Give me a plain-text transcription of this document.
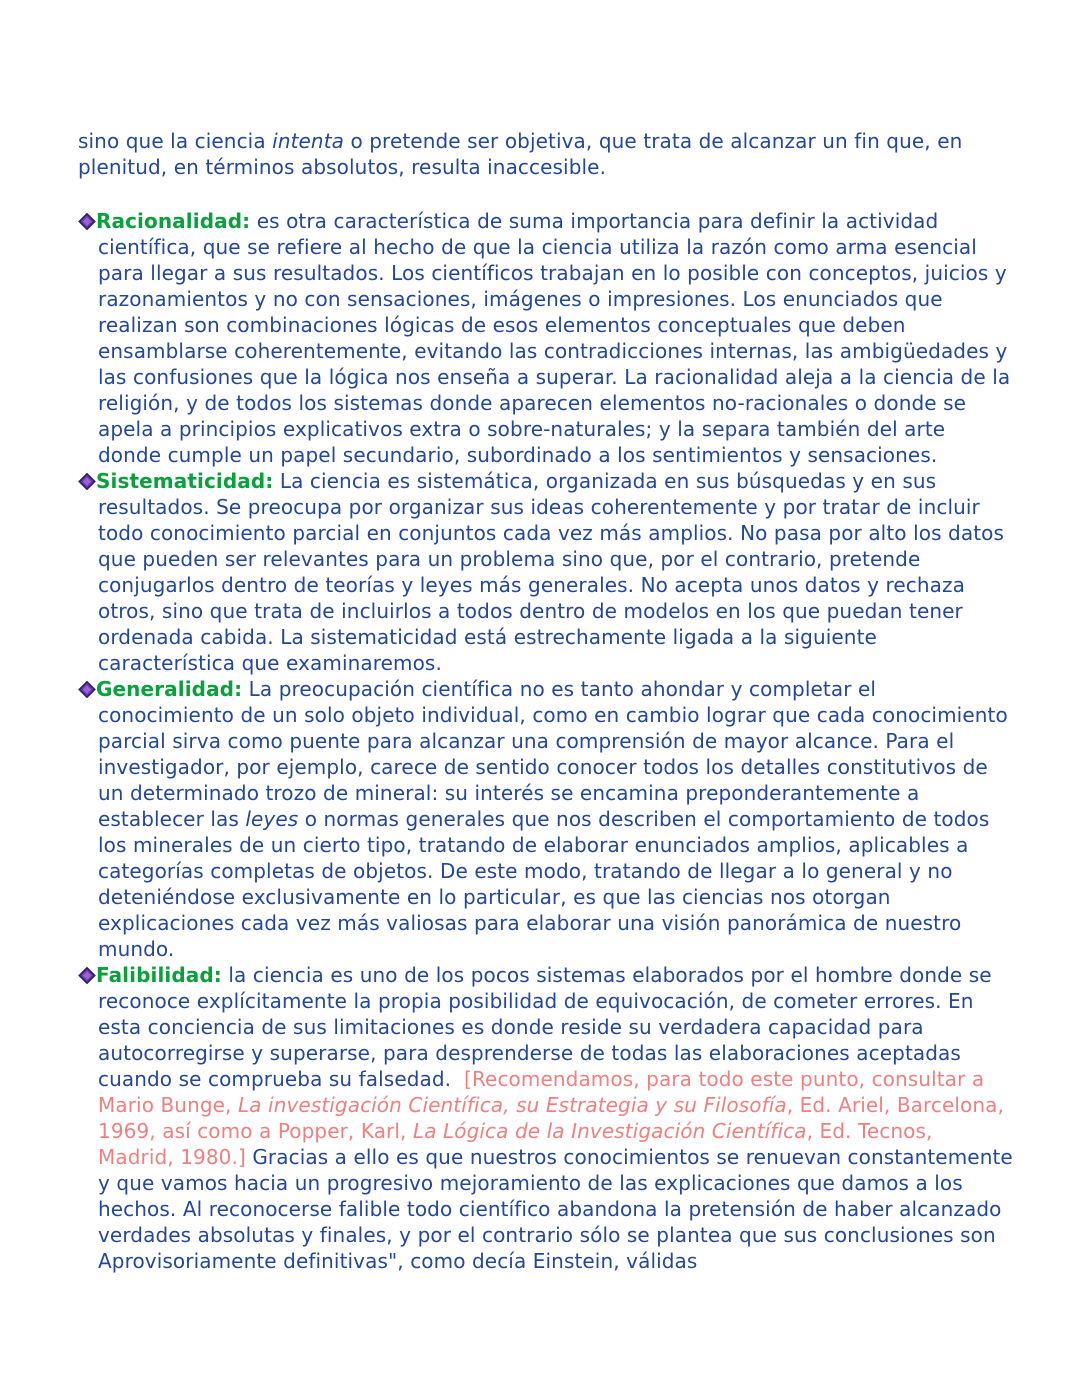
sino que la ciencia intenta o pretende ser objetiva, que trata de alcanzar un fin que, en plenitud, en términos absolutos, resulta inaccesible.

Racionalidad: es otra característica de suma importancia para definir la actividad científica, que se refiere al hecho de que la ciencia utiliza la razón como arma esencial para llegar a sus resultados. Los científicos trabajan en lo posible con conceptos, juicios y razonamientos y no con sensaciones, imágenes o impresiones. Los enunciados que realizan son combinaciones lógicas de esos elementos conceptuales que deben ensamblarse coherentemente, evitando las contradicciones internas, las ambigüedades y las confusiones que la lógica nos enseña a superar. La racionalidad aleja a la ciencia de la religión, y de todos los sistemas donde aparecen elementos no-racionales o donde se apela a principios explicativos extra o sobre-naturales; y la separa también del arte donde cumple un papel secundario, subordinado a los sentimientos y sensaciones.
Sistematicidad: La ciencia es sistemática, organizada en sus búsquedas y en sus resultados. Se preocupa por organizar sus ideas coherentemente y por tratar de incluir todo conocimiento parcial en conjuntos cada vez más amplios. No pasa por alto los datos que pueden ser relevantes para un problema sino que, por el contrario, pretende conjugarlos dentro de teorías y leyes más generales. No acepta unos datos y rechaza otros, sino que trata de incluirlos a todos dentro de modelos en los que puedan tener ordenada cabida. La sistematicidad está estrechamente ligada a la siguiente característica que examinaremos.
Generalidad: La preocupación científica no es tanto ahondar y completar el conocimiento de un solo objeto individual, como en cambio lograr que cada conocimiento parcial sirva como puente para alcanzar una comprensión de mayor alcance. Para el investigador, por ejemplo, carece de sentido conocer todos los detalles constitutivos de un determinado trozo de mineral: su interés se encamina preponderantemente a establecer las leyes o normas generales que nos describen el comportamiento de todos los minerales de un cierto tipo, tratando de elaborar enunciados amplios, aplicables a categorías completas de objetos. De este modo, tratando de llegar a lo general y no deteniéndose exclusivamente en lo particular, es que las ciencias nos otorgan explicaciones cada vez más valiosas para elaborar una visión panorámica de nuestro mundo.
Falibilidad: la ciencia es uno de los pocos sistemas elaborados por el hombre donde se reconoce explícitamente la propia posibilidad de equivocación, de cometer errores. En esta conciencia de sus limitaciones es donde reside su verdadera capacidad para autocorregirse y superarse, para desprenderse de todas las elaboraciones aceptadas cuando se comprueba su falsedad.  [Recomendamos, para todo este punto, consultar a Mario Bunge, La investigación Científica, su Estrategia y su Filosofía, Ed. Ariel, Barcelona, 1969, así como a Popper, Karl, La Lógica de la Investigación Científica, Ed. Tecnos, Madrid, 1980.] Gracias a ello es que nuestros conocimientos se renuevan constantemente y que vamos hacia un progresivo mejoramiento de las explicaciones que damos a los hechos. Al reconocerse falible todo científico abandona la pretensión de haber alcanzado verdades absolutas y finales, y por el contrario sólo se plantea que sus conclusiones son Aprovisoriamente definitivas", como decía Einstein, válidas
